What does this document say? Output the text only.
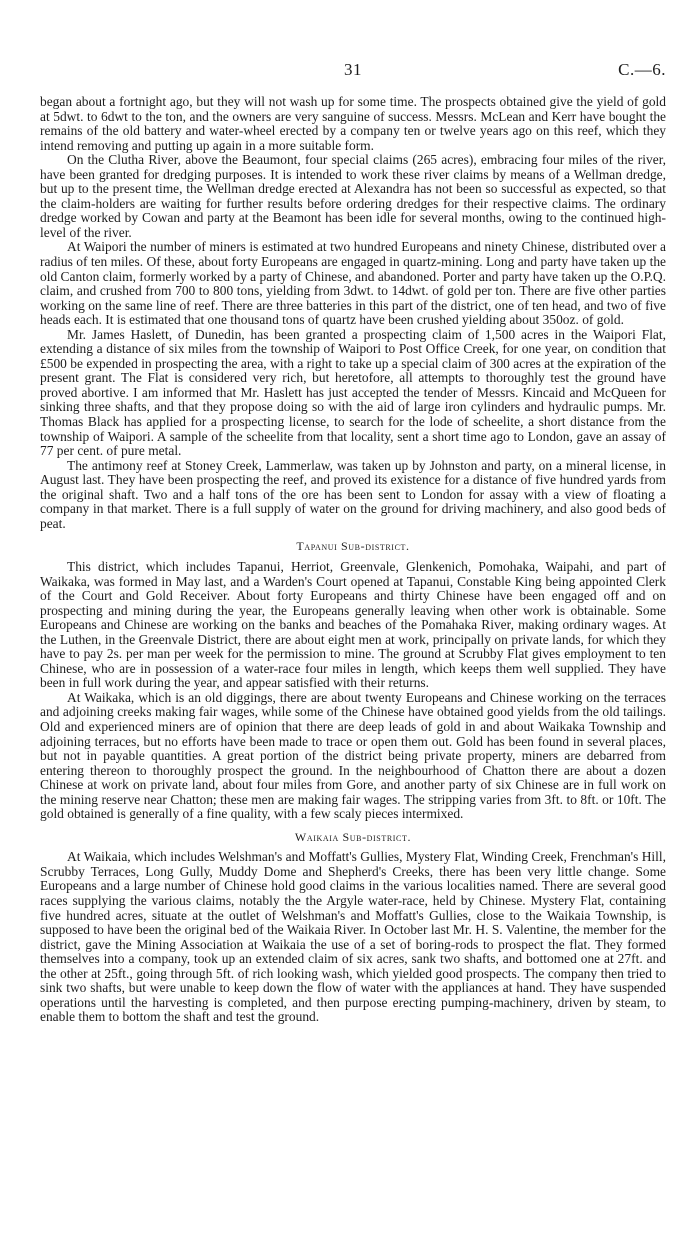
31	C.—6.

began about a fortnight ago, but they will not wash up for some time. The prospects obtained give the yield of gold at 5dwt. to 6dwt to the ton, and the owners are very sanguine of success. Messrs. McLean and Kerr have bought the remains of the old battery and water-wheel erected by a company ten or twelve years ago on this reef, which they intend removing and putting up again in a more suitable form.

On the Clutha River, above the Beaumont, four special claims (265 acres), embracing four miles of the river, have been granted for dredging purposes. It is intended to work these river claims by means of a Wellman dredge, but up to the present time, the Wellman dredge erected at Alexandra has not been so successful as expected, so that the claim-holders are waiting for further results before ordering dredges for their respective claims. The ordinary dredge worked by Cowan and party at the Beamont has been idle for several months, owing to the continued high-level of the river.

At Waipori the number of miners is estimated at two hundred Europeans and ninety Chinese, distributed over a radius of ten miles. Of these, about forty Europeans are engaged in quartz-mining. Long and party have taken up the old Canton claim, formerly worked by a party of Chinese, and abandoned. Porter and party have taken up the O.P.Q. claim, and crushed from 700 to 800 tons, yielding from 3dwt. to 14dwt. of gold per ton. There are five other parties working on the same line of reef. There are three batteries in this part of the district, one of ten head, and two of five heads each. It is estimated that one thousand tons of quartz have been crushed yielding about 350oz. of gold.

Mr. James Haslett, of Dunedin, has been granted a prospecting claim of 1,500 acres in the Waipori Flat, extending a distance of six miles from the township of Waipori to Post Office Creek, for one year, on condition that £500 be expended in prospecting the area, with a right to take up a special claim of 300 acres at the expiration of the present grant. The Flat is considered very rich, but heretofore, all attempts to thoroughly test the ground have proved abortive. I am informed that Mr. Haslett has just accepted the tender of Messrs. Kincaid and McQueen for sinking three shafts, and that they propose doing so with the aid of large iron cylinders and hydraulic pumps. Mr. Thomas Black has applied for a prospecting license, to search for the lode of scheelite, a short distance from the township of Waipori. A sample of the scheelite from that locality, sent a short time ago to London, gave an assay of 77 per cent. of pure metal.

The antimony reef at Stoney Creek, Lammerlaw, was taken up by Johnston and party, on a mineral license, in August last. They have been prospecting the reef, and proved its existence for a distance of five hundred yards from the original shaft. Two and a half tons of the ore has been sent to London for assay with a view of floating a company in that market. There is a full supply of water on the ground for driving machinery, and also good beds of peat.

Tapanui Sub-district.

This district, which includes Tapanui, Herriot, Greenvale, Glenkenich, Pomohaka, Waipahi, and part of Waikaka, was formed in May last, and a Warden's Court opened at Tapanui, Constable King being appointed Clerk of the Court and Gold Receiver. About forty Europeans and thirty Chinese have been engaged off and on prospecting and mining during the year, the Europeans generally leaving when other work is obtainable. Some Europeans and Chinese are working on the banks and beaches of the Pomahaka River, making ordinary wages. At the Luthen, in the Greenvale District, there are about eight men at work, principally on private lands, for which they have to pay 2s. per man per week for the permission to mine. The ground at Scrubby Flat gives employment to ten Chinese, who are in possession of a water-race four miles in length, which keeps them well supplied. They have been in full work during the year, and appear satisfied with their returns.

At Waikaka, which is an old diggings, there are about twenty Europeans and Chinese working on the terraces and adjoining creeks making fair wages, while some of the Chinese have obtained good yields from the old tailings. Old and experienced miners are of opinion that there are deep leads of gold in and about Waikaka Township and adjoining terraces, but no efforts have been made to trace or open them out. Gold has been found in several places, but not in payable quantities. A great portion of the district being private property, miners are debarred from entering thereon to thoroughly prospect the ground. In the neighbourhood of Chatton there are about a dozen Chinese at work on private land, about four miles from Gore, and another party of six Chinese are in full work on the mining reserve near Chatton; these men are making fair wages. The stripping varies from 3ft. to 8ft. or 10ft. The gold obtained is generally of a fine quality, with a few scaly pieces intermixed.

Waikaia Sub-district.

At Waikaia, which includes Welshman's and Moffatt's Gullies, Mystery Flat, Winding Creek, Frenchman's Hill, Scrubby Terraces, Long Gully, Muddy Dome and Shepherd's Creeks, there has been very little change. Some Europeans and a large number of Chinese hold good claims in the various localities named. There are several good races supplying the various claims, notably the the Argyle water-race, held by Chinese. Mystery Flat, containing five hundred acres, situate at the outlet of Welshman's and Moffatt's Gullies, close to the Waikaia Township, is supposed to have been the original bed of the Waikaia River. In October last Mr. H. S. Valentine, the member for the district, gave the Mining Association at Waikaia the use of a set of boring-rods to prospect the flat. They formed themselves into a company, took up an extended claim of six acres, sank two shafts, and bottomed one at 27ft. and the other at 25ft., going through 5ft. of rich looking wash, which yielded good prospects. The company then tried to sink two shafts, but were unable to keep down the flow of water with the appliances at hand. They have suspended operations until the harvesting is completed, and then purpose erecting pumping-machinery, driven by steam, to enable them to bottom the shaft and test the ground.
